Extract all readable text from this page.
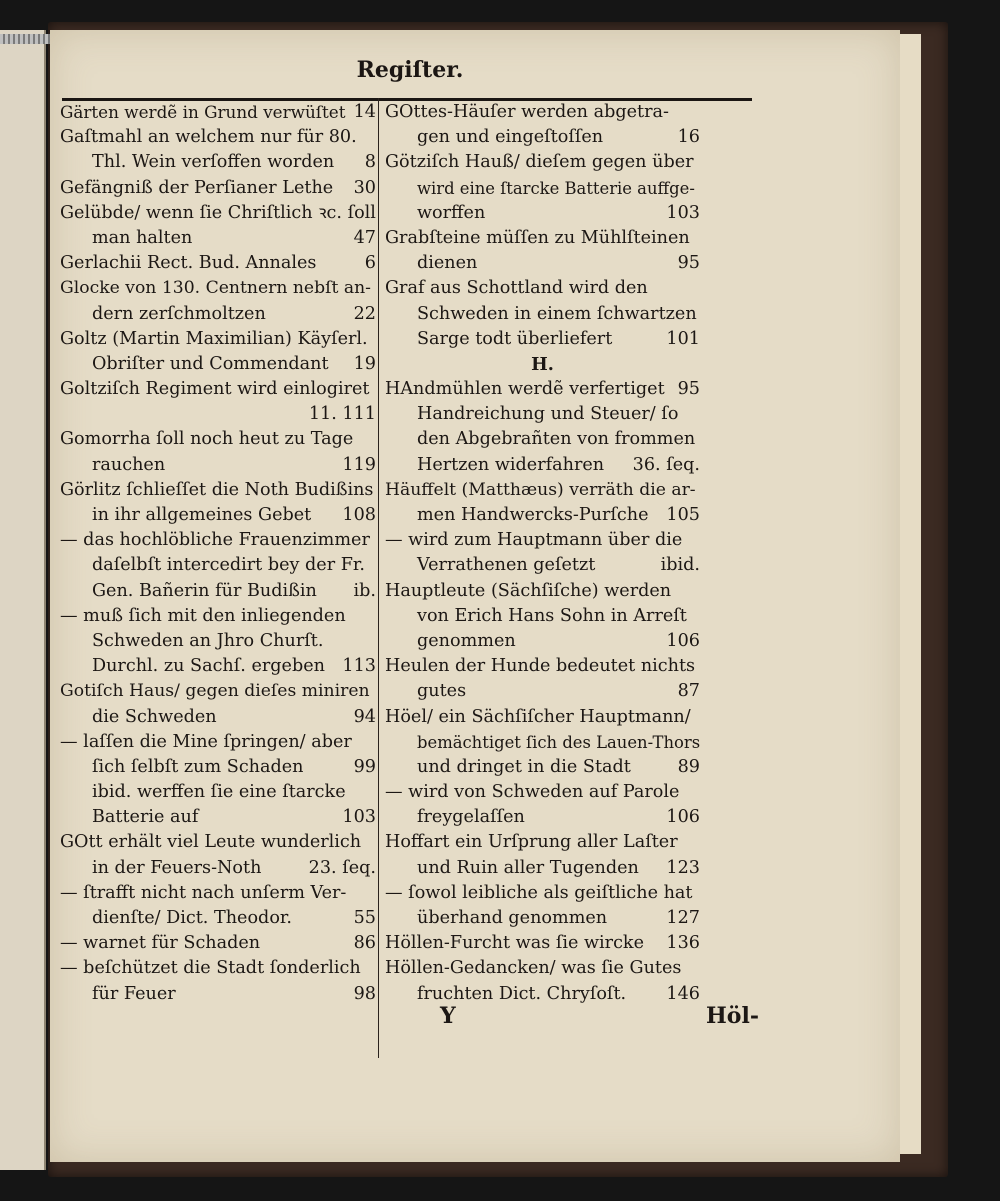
Regiſter.
Gärten werdẽ in Grund verwüſtet 14
Gaſtmahl an welchem nur für 80.
Thl. Wein verſoffen worden 8
Gefängniß der Perſianer Lethe 30
Gelübde/ wenn ſie Chriſtlich ꝛc. ſoll
man halten	47
Gerlachii Rect. Bud. Annales	6
Glocke von 130. Centnern nebſt an-
dern zerſchmoltzen	22
Goltz (Martin Maximilian) Käyſerl.
Obriſter und Commendant 19
Goltziſch Regiment wird einlogiret
11. 111
Gomorrha ſoll noch heut zu Tage
rauchen	119
Görlitz ſchlieſſet die Noth Budißins
in ihr allgemeines Gebet 108
— das hochlöbliche Frauenzimmer
daſelbſt intercedirt bey der Fr.
Gen. Bañerin für Budißin ib.
— muß ſich mit den inliegenden
Schweden an Jhro Churſt.
Durchl. zu Sachſ. ergeben 113
Gotiſch Haus/ gegen dieſes miniren
die Schweden	94
— laſſen die Mine ſpringen/ aber
ſich ſelbſt zum Schaden	99
ibid. werffen ſie eine ſtarcke
Batterie auf	103
GOtt erhält viel Leute wunderlich
in der Feuers-Noth	23. ſeq.
— ſtrafft nicht nach unſerm Ver-
dienſte/ Dict. Theodor.	55
— warnet für Schaden	86
— beſchützet die Stadt ſonderlich
für Feuer	98
GOttes-Häuſer werden abgetra-
gen und eingeſtoſſen	16
Götziſch Hauß/ dieſem gegen über
wird eine ſtarcke Batterie auffge-
worffen	103
Grabſteine müſſen zu Mühlſteinen
dienen	95
Graf aus Schottland wird den
Schweden in einem ſchwartzen
Sarge todt überliefert	101
H.
HAndmühlen werdẽ verfertiget 95
Handreichung und Steuer/ ſo
den Abgebrañten von frommen
Hertzen widerfahren 36. ſeq.
Häuffelt (Matthæus) verräth die ar-
men Handwercks-Purſche 105
— wird zum Hauptmann über die
Verrathenen geſetzt	ibid.
Hauptleute (Sächſiſche) werden
von Erich Hans Sohn in Arreſt
genommen	106
Heulen der Hunde bedeutet nichts
gutes	87
Höel/ ein Sächſiſcher Hauptmann/
bemächtiget ſich des Lauen-Thors
und dringet in die Stadt	89
— wird von Schweden auf Parole
freygelaſſen	106
Hoffart ein Urſprung aller Laſter
und Ruin aller Tugenden 123
— ſowol leibliche als geiſtliche hat
überhand genommen	127
Höllen-Furcht was ſie wircke 136
Höllen-Gedancken/ was ſie Gutes
fruchten Dict. Chryſoſt. 146
Y	Höl-
